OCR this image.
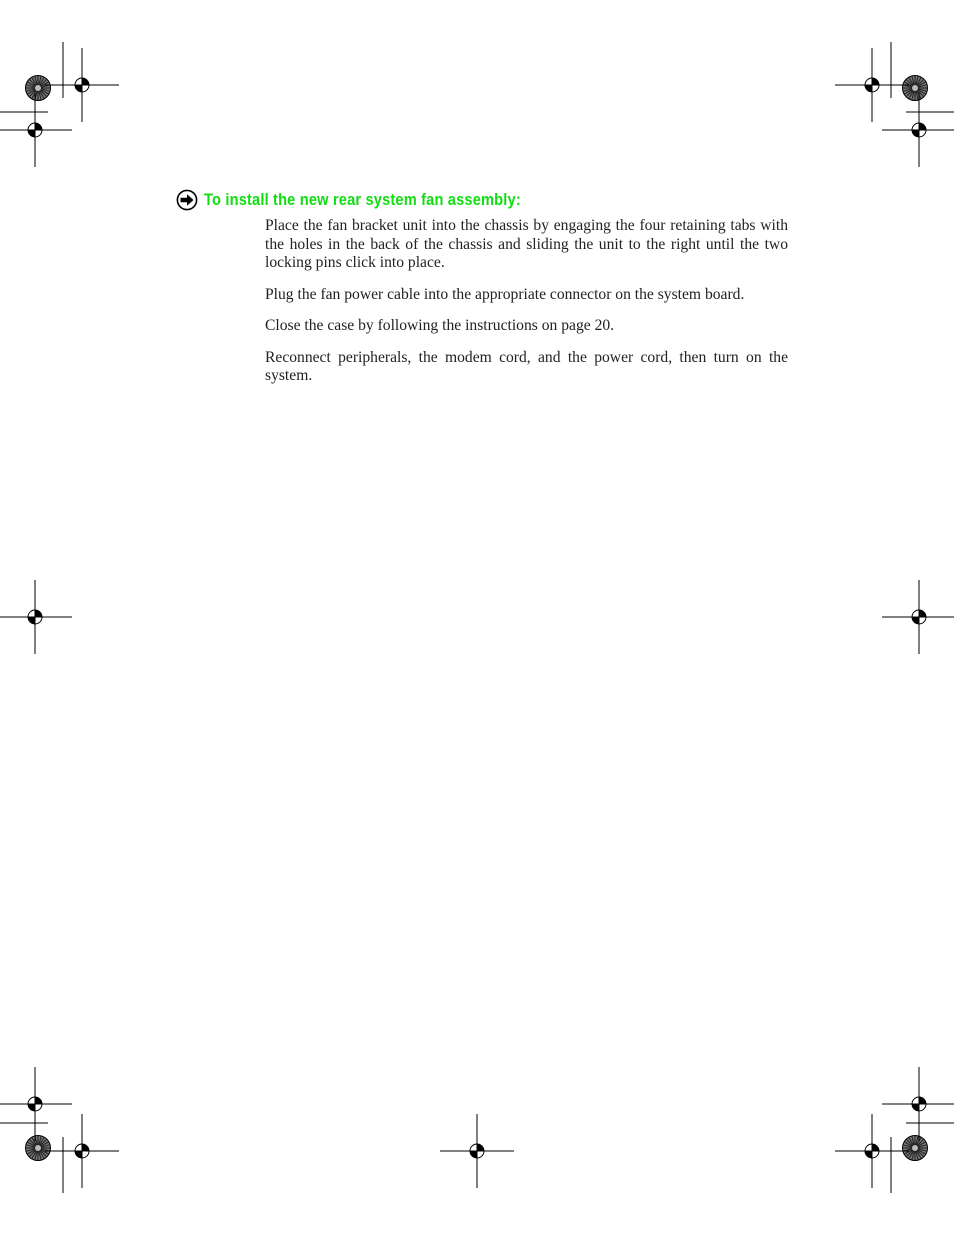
To install the new rear system fan assembly:

Place the fan bracket unit into the chassis by engaging the four retaining tabs with the holes in the back of the chassis and sliding the unit to the right until the two locking pins click into place.

Plug the fan power cable into the appropriate connector on the system board.

Close the case by following the instructions on page 20.

Reconnect peripherals, the modem cord, and the power cord, then turn on the system.
